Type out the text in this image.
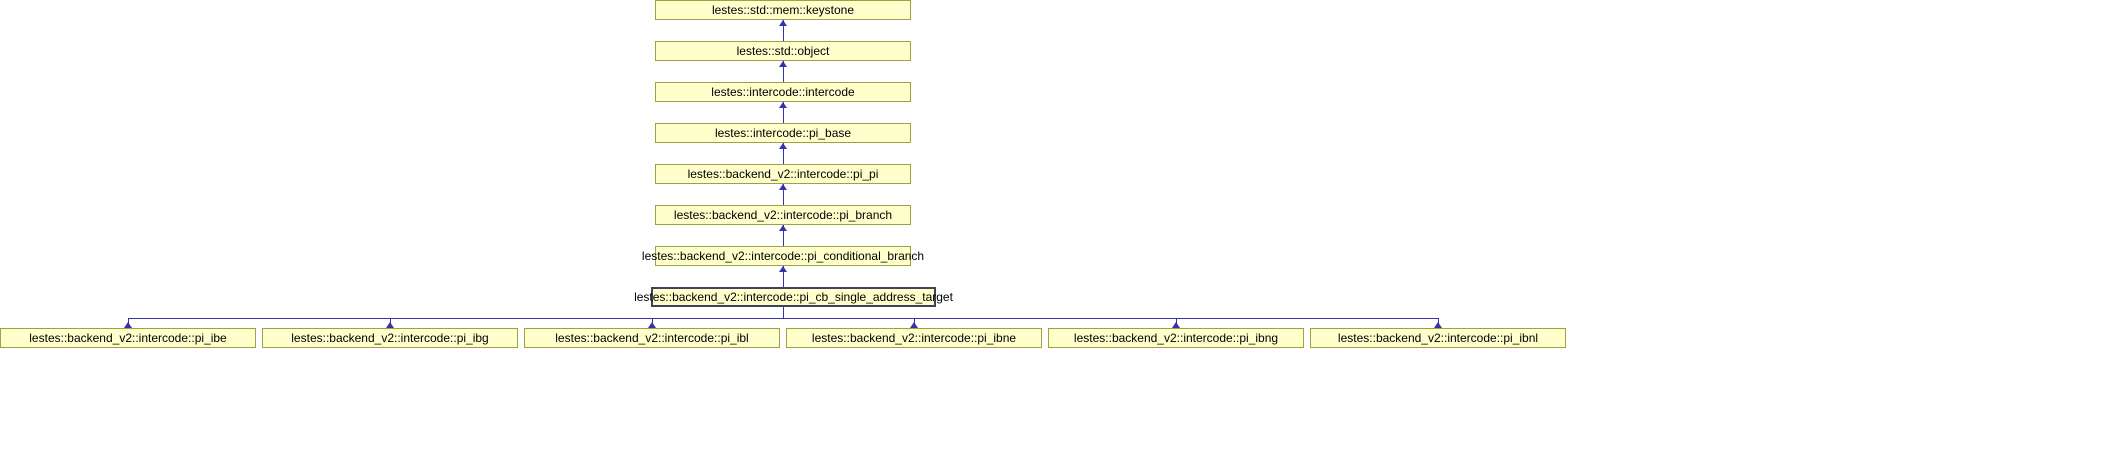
lestes::std::mem::keystone
lestes::std::object
lestes::intercode::intercode
lestes::intercode::pi_base
lestes::backend_v2::intercode::pi_pi
lestes::backend_v2::intercode::pi_branch
lestes::backend_v2::intercode::pi_conditional_branch
lestes::backend_v2::intercode::pi_cb_single_address_target
lestes::backend_v2::intercode::pi_ibe	lestes::backend_v2::intercode::pi_ibg	lestes::backend_v2::intercode::pi_ibl	lestes::backend_v2::intercode::pi_ibne	lestes::backend_v2::intercode::pi_ibng	lestes::backend_v2::intercode::pi_ibnl
